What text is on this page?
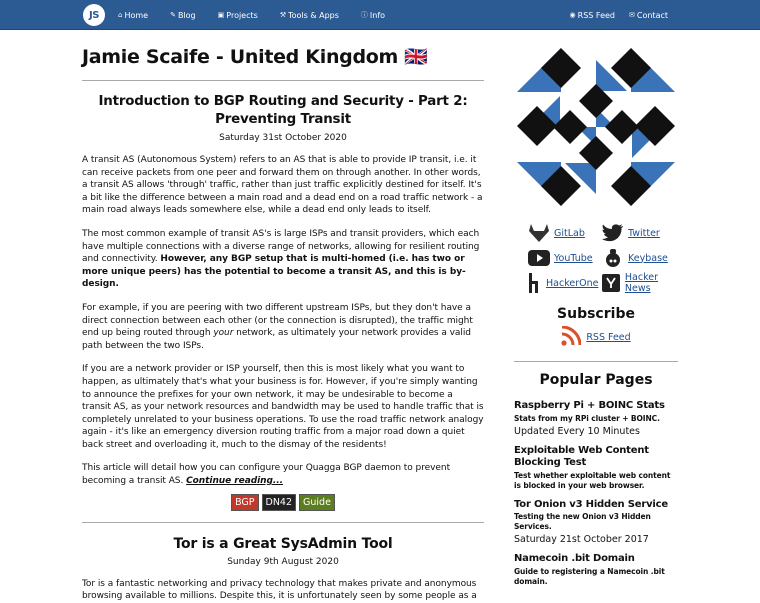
JS	⌂ Home	✎ Blog	▣ Projects	⚒ Tools & Apps	ⓘ Info	◉ RSS Feed ✉ Contact
Jamie Scaife - United Kingdom 🇬🇧
Introduction to BGP Routing and Security - Part 2: Preventing Transit
Saturday 31st October 2020

A transit AS (Autonomous System) refers to an AS that is able to provide IP transit, i.e. it can receive packets from one peer and forward them on through another. In other words, a transit AS allows 'through' traffic, rather than just traffic explicitly destined for itself. It's a bit like the difference between a main road and a dead end on a road traffic network - a main road always leads somewhere else, while a dead end only leads to itself.

The most common example of transit AS's is large ISPs and transit providers, which each have multiple connections with a diverse range of networks, allowing for resilient routing and connectivity. However, any BGP setup that is multi-homed (i.e. has two or more unique peers) has the potential to become a transit AS, and this is by-design.

For example, if you are peering with two different upstream ISPs, but they don't have a direct connection between each other (or the connection is disrupted), the traffic might end up being routed through your network, as ultimately your network provides a valid path between the two ISPs.

If you are a network provider or ISP yourself, then this is most likely what you want to happen, as ultimately that's what your business is for. However, if you're simply wanting to announce the prefixes for your own network, it may be undesirable to become a transit AS, as your network resources and bandwidth may be used to handle traffic that is completely unrelated to your business operations. To use the road traffic network analogy again - it's like an emergency diversion routing traffic from a major road down a quiet back street and overloading it, much to the dismay of the residents!

This article will detail how you can configure your Quagga BGP daemon to prevent becoming a transit AS. Continue reading...

BGP DN42 Guide
Tor is a Great SysAdmin Tool
Sunday 9th August 2020

Tor is a fantastic networking and privacy technology that makes private and anonymous browsing available to millions. Despite this, it is unfortunately seen by some people as a

GitLab	Twitter
YouTube	Keybase
HackerOne	Hacker News
Subscribe
RSS Feed
Popular Pages
Raspberry Pi + BOINC Stats
Stats from my RPi cluster + BOINC.
Updated Every 10 Minutes
Exploitable Web Content Blocking Test
Test whether exploitable web content is blocked in your web browser.
Tor Onion v3 Hidden Service
Testing the new Onion v3 Hidden Services.
Saturday 21st October 2017
Namecoin .bit Domain
Guide to registering a Namecoin .bit domain.
